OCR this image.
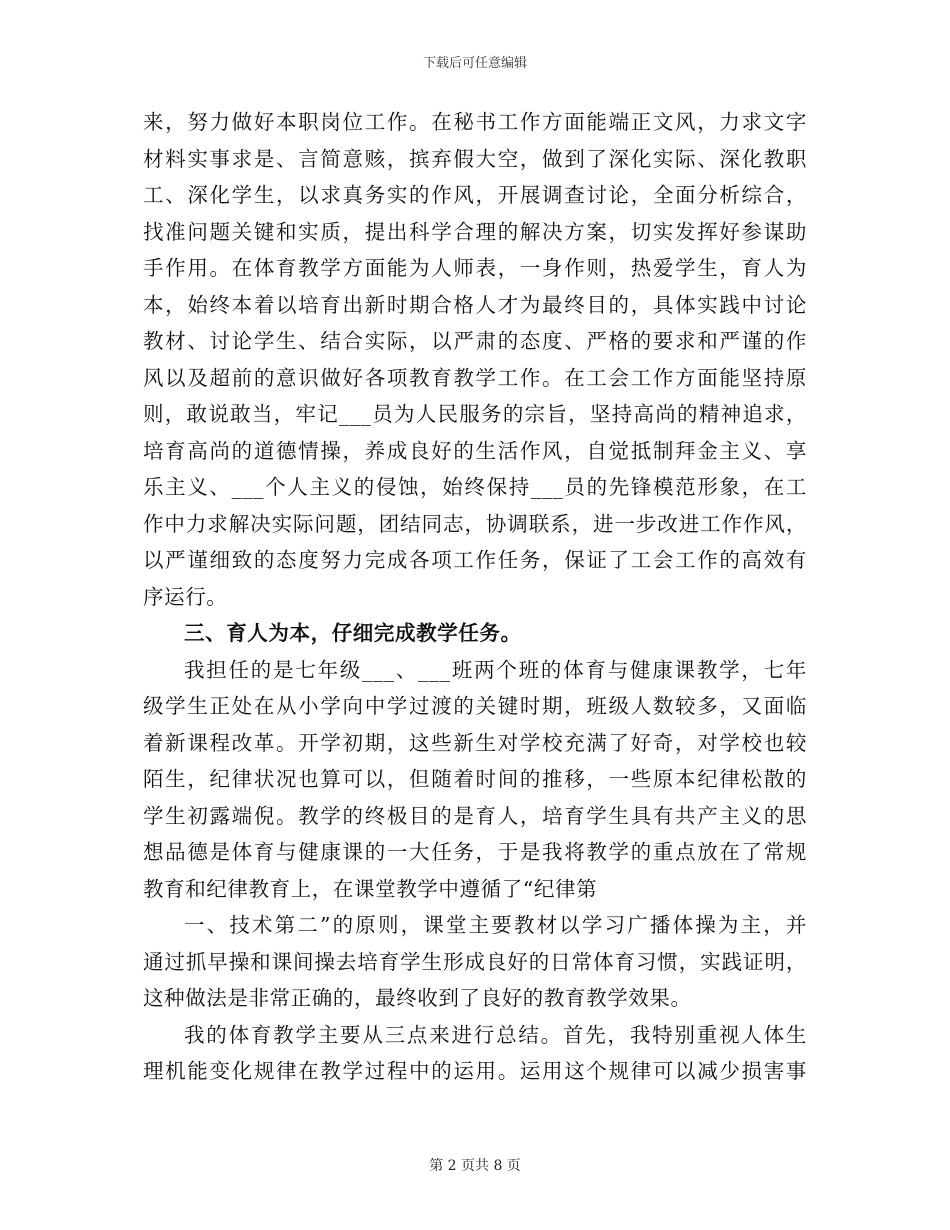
下载后可任意编辑
来，努力做好本职岗位工作。在秘书工作方面能端正文风，力求文字
材料实事求是、言简意赅，摈弃假大空，做到了深化实际、深化教职
工、深化学生，以求真务实的作风，开展调查讨论，全面分析综合，
找准问题关键和实质，提出科学合理的解决方案，切实发挥好参谋助
手作用。在体育教学方面能为人师表，一身作则，热爱学生，育人为
本，始终本着以培育出新时期合格人才为最终目的，具体实践中讨论
教材、讨论学生、结合实际，以严肃的态度、严格的要求和严谨的作
风以及超前的意识做好各项教育教学工作。在工会工作方面能坚持原
则，敢说敢当，牢记___员为人民服务的宗旨，坚持高尚的精神追求，
培育高尚的道德情操，养成良好的生活作风，自觉抵制拜金主义、享
乐主义、___个人主义的侵蚀，始终保持___员的先锋模范形象，在工
作中力求解决实际问题，团结同志，协调联系，进一步改进工作作风，
以严谨细致的态度努力完成各项工作任务，保证了工会工作的高效有
序运行。
三、育人为本，仔细完成教学任务。
我担任的是七年级___、___班两个班的体育与健康课教学，七年
级学生正处在从小学向中学过渡的关键时期，班级人数较多，又面临
着新课程改革。开学初期，这些新生对学校充满了好奇，对学校也较
陌生，纪律状况也算可以，但随着时间的推移，一些原本纪律松散的
学生初露端倪。教学的终极目的是育人，培育学生具有共产主义的思
想品德是体育与健康课的一大任务，于是我将教学的重点放在了常规
教育和纪律教育上，在课堂教学中遵循了“纪律第
一、技术第二”的原则，课堂主要教材以学习广播体操为主，并
通过抓早操和课间操去培育学生形成良好的日常体育习惯，实践证明，
这种做法是非常正确的，最终收到了良好的教育教学效果。
我的体育教学主要从三点来进行总结。首先，我特别重视人体生
理机能变化规律在教学过程中的运用。运用这个规律可以减少损害事
第 2 页共 8 页
